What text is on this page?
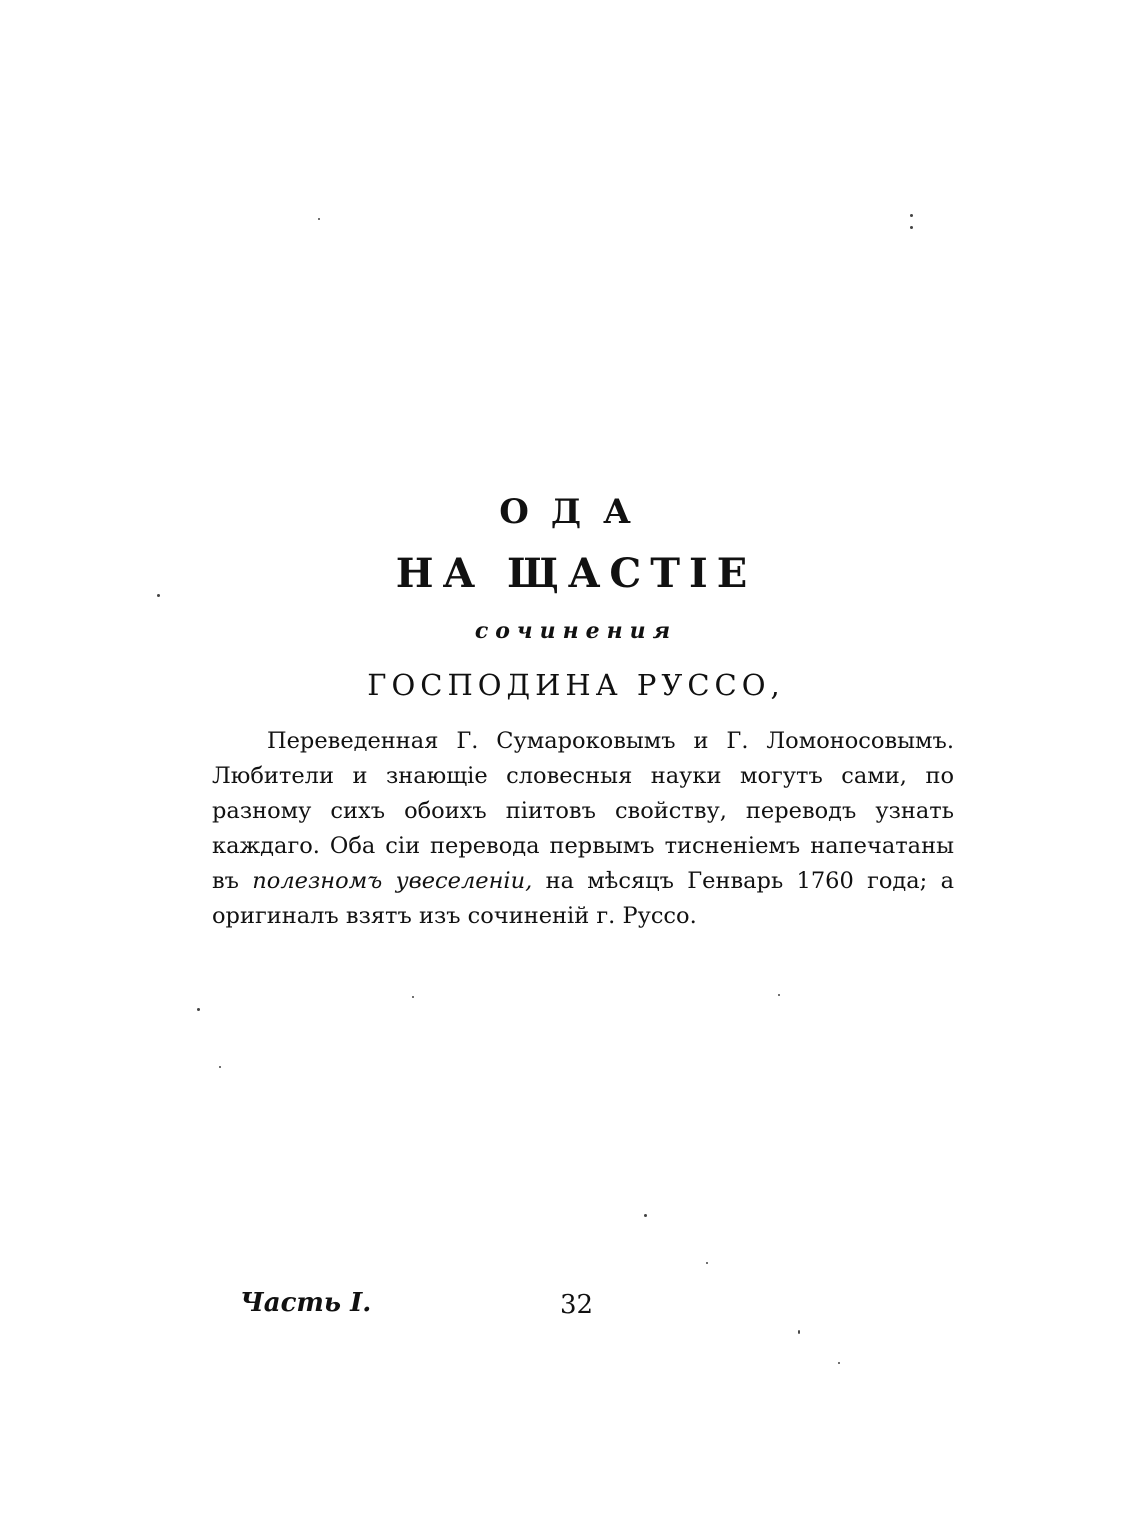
ОДА
НА ЩАСТІЕ
сочинения
ГОСПОДИНА РУССО,

Переведенная Г. Сумароковымъ и Г. Ломоносовымъ. Любители и знающіе словесныя науки могутъ сами, по разному сихъ обоихъ піитовъ свойству, переводъ узнать каждаго. Оба сіи перевода первымъ тисненіемъ напечатаны въ полезномъ увеселеніи, на мѣсяцъ Генварь 1760 года; а оригиналъ взятъ изъ сочиненій г. Руссо.

Часть I.	32
